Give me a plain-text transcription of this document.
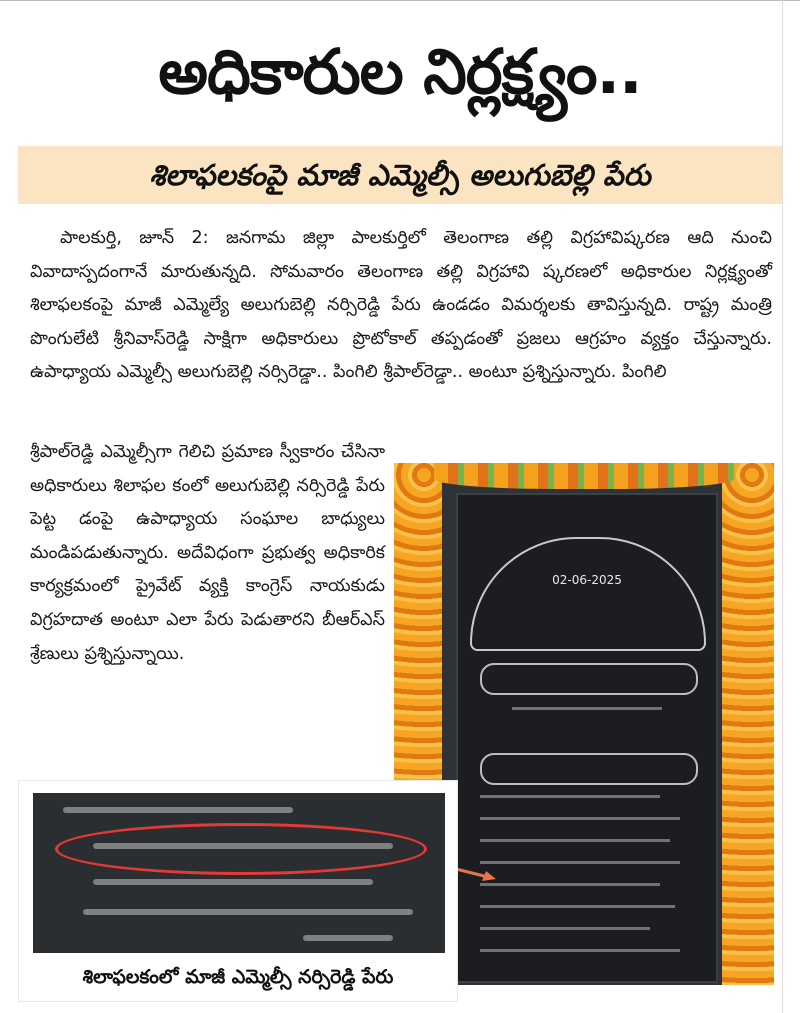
అధికారుల నిర్లక్ష్యం..
శిలాఫలకంపై మాజీ ఎమ్మెల్సీ అలుగుబెల్లి పేరు
పాలకుర్తి, జూన్ 2: జనగామ జిల్లా పాలకుర్తిలో తెలంగాణ తల్లి విగ్రహావిష్కరణ ఆది నుంచి వివాదాస్పదంగానే మారుతున్నది. సోమవారం తెలంగాణ తల్లి విగ్రహావి ష్కరణలో అధికారుల నిర్లక్ష్యంతో శిలాఫలకంపై మాజీ ఎమ్మెల్యే అలుగుబెల్లి నర్సిరెడ్డి పేరు ఉండడం విమర్శలకు తావిస్తున్నది. రాష్ట్ర మంత్రి పొంగులేటి శ్రీనివాస్‌రెడ్డి సాక్షిగా అధికారులు ప్రొటోకాల్ తప్పడంతో ప్రజలు ఆగ్రహం వ్యక్తం చేస్తున్నారు. ఉపాధ్యాయ ఎమ్మెల్సీ అలుగుబెల్లి నర్సిరెడ్డా.. పింగిలి శ్రీపాల్‌రెడ్డా.. అంటూ ప్రశ్నిస్తున్నారు. పింగిలి
శ్రీపాల్‌రెడ్డి ఎమ్మెల్సీగా గెలిచి ప్రమాణ స్వీకారం చేసినా అధికారులు శిలాఫల కంలో అలుగుబెల్లి నర్సిరెడ్డి పేరు పెట్ట డంపై ఉపాధ్యాయ సంఘాల బాధ్యులు మండిపడుతున్నారు. అదేవిధంగా ప్రభుత్వ అధికారిక కార్యక్రమంలో ప్రైవేట్ వ్యక్తి కాంగ్రెస్ నాయకుడు విగ్రహదాత అంటూ ఎలా పేరు పెడుతారని బీఆర్‌ఎస్ శ్రేణులు ప్రశ్నిస్తున్నాయి.
02-06-2025
శిలాఫలకంలో మాజీ ఎమ్మెల్సీ నర్సిరెడ్డి పేరు
